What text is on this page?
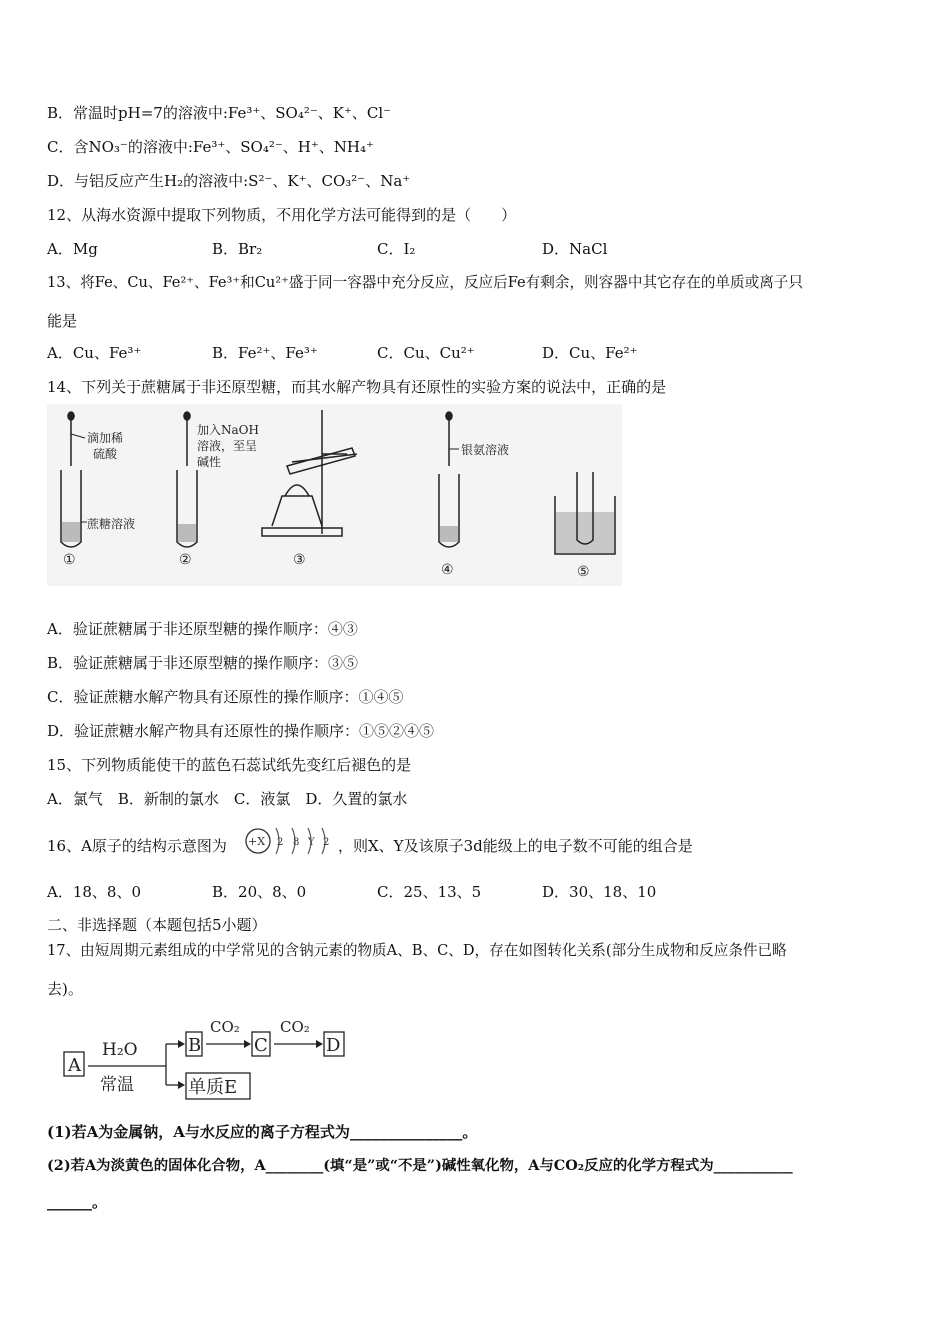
B．常温时pH=7的溶液中:Fe³⁺、SO₄²⁻、K⁺、Cl⁻
C．含NO₃⁻的溶液中:Fe³⁺、SO₄²⁻、H⁺、NH₄⁺
D．与铝反应产生H₂的溶液中:S²⁻、K⁺、CO₃²⁻、Na⁺
12、从海水资源中提取下列物质，不用化学方法可能得到的是（　　）
A．Mg	B．Br₂	C．I₂	D．NaCl
13、将Fe、Cu、Fe²⁺、Fe³⁺和Cu²⁺盛于同一容器中充分反应，反应后Fe有剩余，则容器中其它存在的单质或离子只
能是
A．Cu、Fe³⁺	B．Fe²⁺、Fe³⁺	C．Cu、Cu²⁺	D．Cu、Fe²⁺
14、下列关于蔗糖属于非还原型糖，而其水解产物具有还原性的实验方案的说法中，正确的是
滴加稀
硫酸
蔗糖溶液
①
加入NaOH
溶液，至呈
碱性
②	③
银氨溶液
④	⑤
A．验证蔗糖属于非还原型糖的操作顺序：④③
B．验证蔗糖属于非还原型糖的操作顺序：③⑤
C．验证蔗糖水解产物具有还原性的操作顺序：①④⑤
D．验证蔗糖水解产物具有还原性的操作顺序：①⑤②④⑤
15、下列物质能使干的蓝色石蕊试纸先变红后褪色的是
A．氯气　B．新制的氯水　C．液氯　D．久置的氯水
16、A原子的结构示意图为 +X 2 8 Y 2 ，则X、Y及该原子3d能级上的电子数不可能的组合是
A．18、8、0	B．20、8、0	C．25、13、5	D．30、18、10
二、非选择题（本题包括5小题）
17、由短周期元素组成的中学常见的含钠元素的物质A、B、C、D，存在如图转化关系(部分生成物和反应条件已略
去)。
A
H₂O
常温
B
CO₂
C
CO₂
D
单质E
(1)若A为金属钠，A与水反应的离子方程式为_______________。
(2)若A为淡黄色的固体化合物，A________(填“是”或“不是”)碱性氧化物，A与CO₂反应的化学方程式为___________
______。
